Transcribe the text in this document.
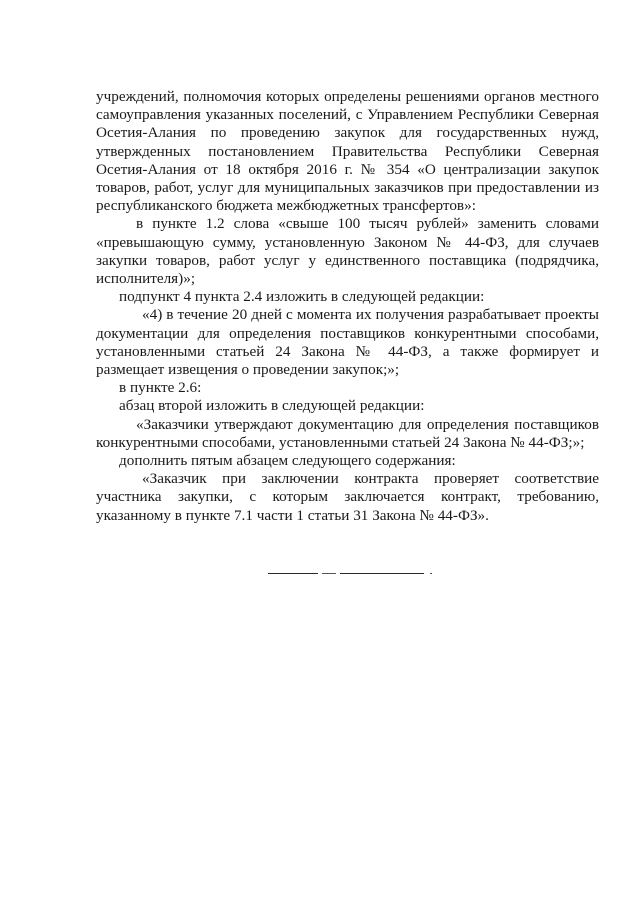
учреждений, полномочия которых определены решениями органов местного самоуправления указанных поселений, с Управлением Республики Северная Осетия-Алания по проведению закупок для государственных нужд, утвержденных постановлением Правительства Республики Северная Осетия-Алания от 18 октября 2016 г. № 354 «О централизации закупок товаров, работ, услуг для муниципальных заказчиков при предоставлении из республиканского бюджета межбюджетных трансфертов»:

в пункте 1.2 слова «свыше 100 тысяч рублей» заменить словами «превышающую сумму, установленную Законом № 44-ФЗ, для случаев закупки товаров, работ услуг у единственного поставщика (подрядчика, исполнителя)»;

подпункт 4 пункта 2.4 изложить в следующей редакции:

«4) в течение 20 дней с момента их получения разрабатывает проекты документации для определения поставщиков конкурентными способами, установленными статьей 24 Закона № 44-ФЗ, а также формирует и размещает извещения о проведении закупок;»;

в пункте 2.6:

абзац второй изложить в следующей редакции:

«Заказчики утверждают документацию для определения поставщиков конкурентными способами, установленными статьей 24 Закона № 44-ФЗ;»;

дополнить пятым абзацем следующего содержания:

«Заказчик при заключении контракта проверяет соответствие участника закупки, с которым заключается контракт, требованию, указанному в пункте 7.1 части 1 статьи 31 Закона № 44-ФЗ».
